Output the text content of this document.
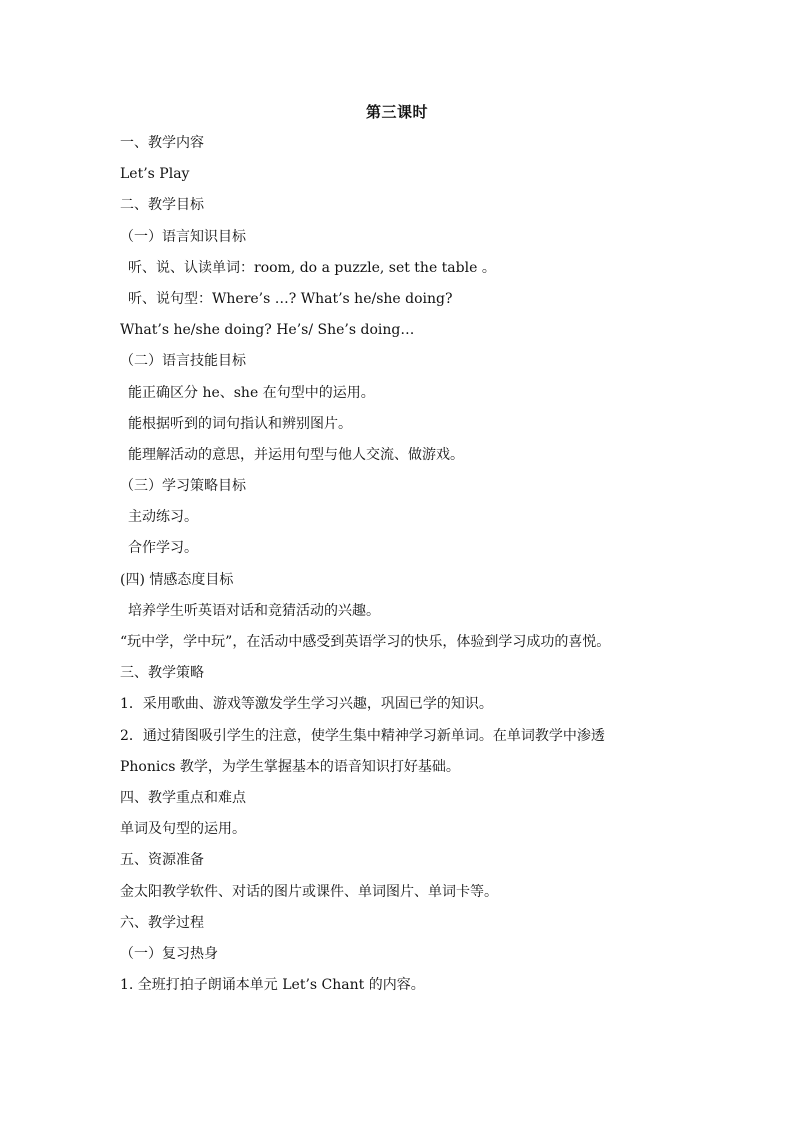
第三课时
一、教学内容
Let’s Play
二、教学目标
（一）语言知识目标
听、说、认读单词：room, do a puzzle, set the table 。
听、说句型：Where’s …? What’s he/she doing?
What’s he/she doing? He’s/ She’s doing…
（二）语言技能目标
能正确区分 he、she 在句型中的运用。
能根据听到的词句指认和辨别图片。
能理解活动的意思，并运用句型与他人交流、做游戏。
（三）学习策略目标
主动练习。
合作学习。
(四) 情感态度目标
培养学生听英语对话和竞猜活动的兴趣。
“玩中学，学中玩”，在活动中感受到英语学习的快乐，体验到学习成功的喜悦。
三、教学策略
1．采用歌曲、游戏等激发学生学习兴趣，巩固已学的知识。
2．通过猜图吸引学生的注意，使学生集中精神学习新单词。在单词教学中渗透
Phonics 教学，为学生掌握基本的语音知识打好基础。
四、教学重点和难点
单词及句型的运用。
五、资源准备
金太阳教学软件、对话的图片或课件、单词图片、单词卡等。
六、教学过程
（一）复习热身
1. 全班打拍子朗诵本单元 Let’s Chant 的内容。
